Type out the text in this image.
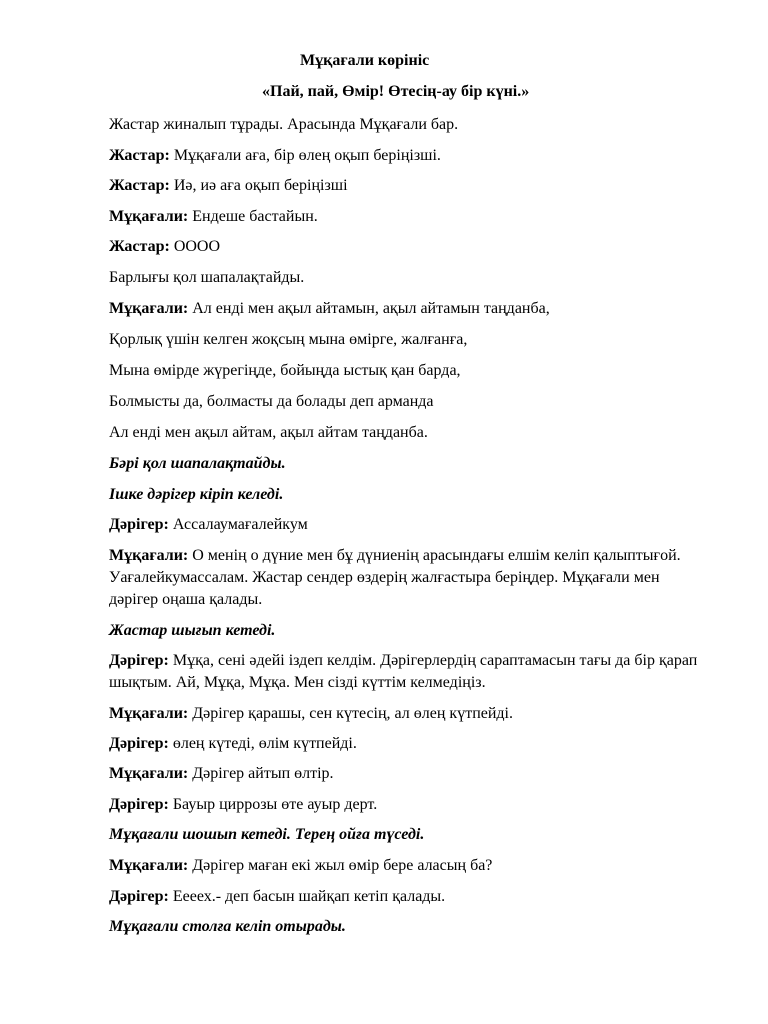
Мұқағали көрініс
«Пай, пай, Өмір! Өтесің-ау бір күні.»
Жастар жиналып тұрады. Арасында Мұқағали бар.
Жастар: Мұқағали аға, бір өлең оқып беріңізші.
Жастар: Иә, иә аға оқып беріңізші
Мұқағали: Ендеше бастайын.
Жастар: ОООО
Барлығы қол шапалақтайды.
Мұқағали: Ал енді мен ақыл айтамын, ақыл айтамын таңданба,
Қорлық үшін келген жоқсың мына өмірге, жалғанға,
Мына өмірде жүрегіңде, бойыңда ыстық қан барда,
Болмысты да, болмасты да болады деп арманда
Ал енді мен ақыл айтам, ақыл айтам таңданба.
Бәрі қол шапалақтайды.
Ішке дәрігер кіріп келеді.
Дәрігер: Ассалаумағалейкум
Мұқағали: О менің о дүние мен бұ дүниенің арасындағы елшім келіп қалыптығой. Уағалейкумассалам. Жастар сендер өздерің жалғастыра беріңдер. Мұқағали мен дәрігер оңаша қалады.
Жастар шығып кетеді.
Дәрігер: Мұқа, сені әдейі іздеп келдім. Дәрігерлердің сараптамасын тағы да бір қарап шықтым. Ай, Мұқа, Мұқа. Мен сізді күттім келмедіңіз.
Мұқағали: Дәрігер қарашы, сен күтесің, ал өлең күтпейді.
Дәрігер: өлең күтеді, өлім күтпейді.
Мұқағали: Дәрігер айтып өлтір.
Дәрігер: Бауыр циррозы өте ауыр дерт.
Мұқағали шошып кетеді. Терең ойға түседі.
Мұқағали: Дәрігер маған екі жыл өмір бере аласың ба?
Дәрігер: Еееех.- деп басын шайқап кетіп қалады.
Мұқағали столға келіп отырады.
